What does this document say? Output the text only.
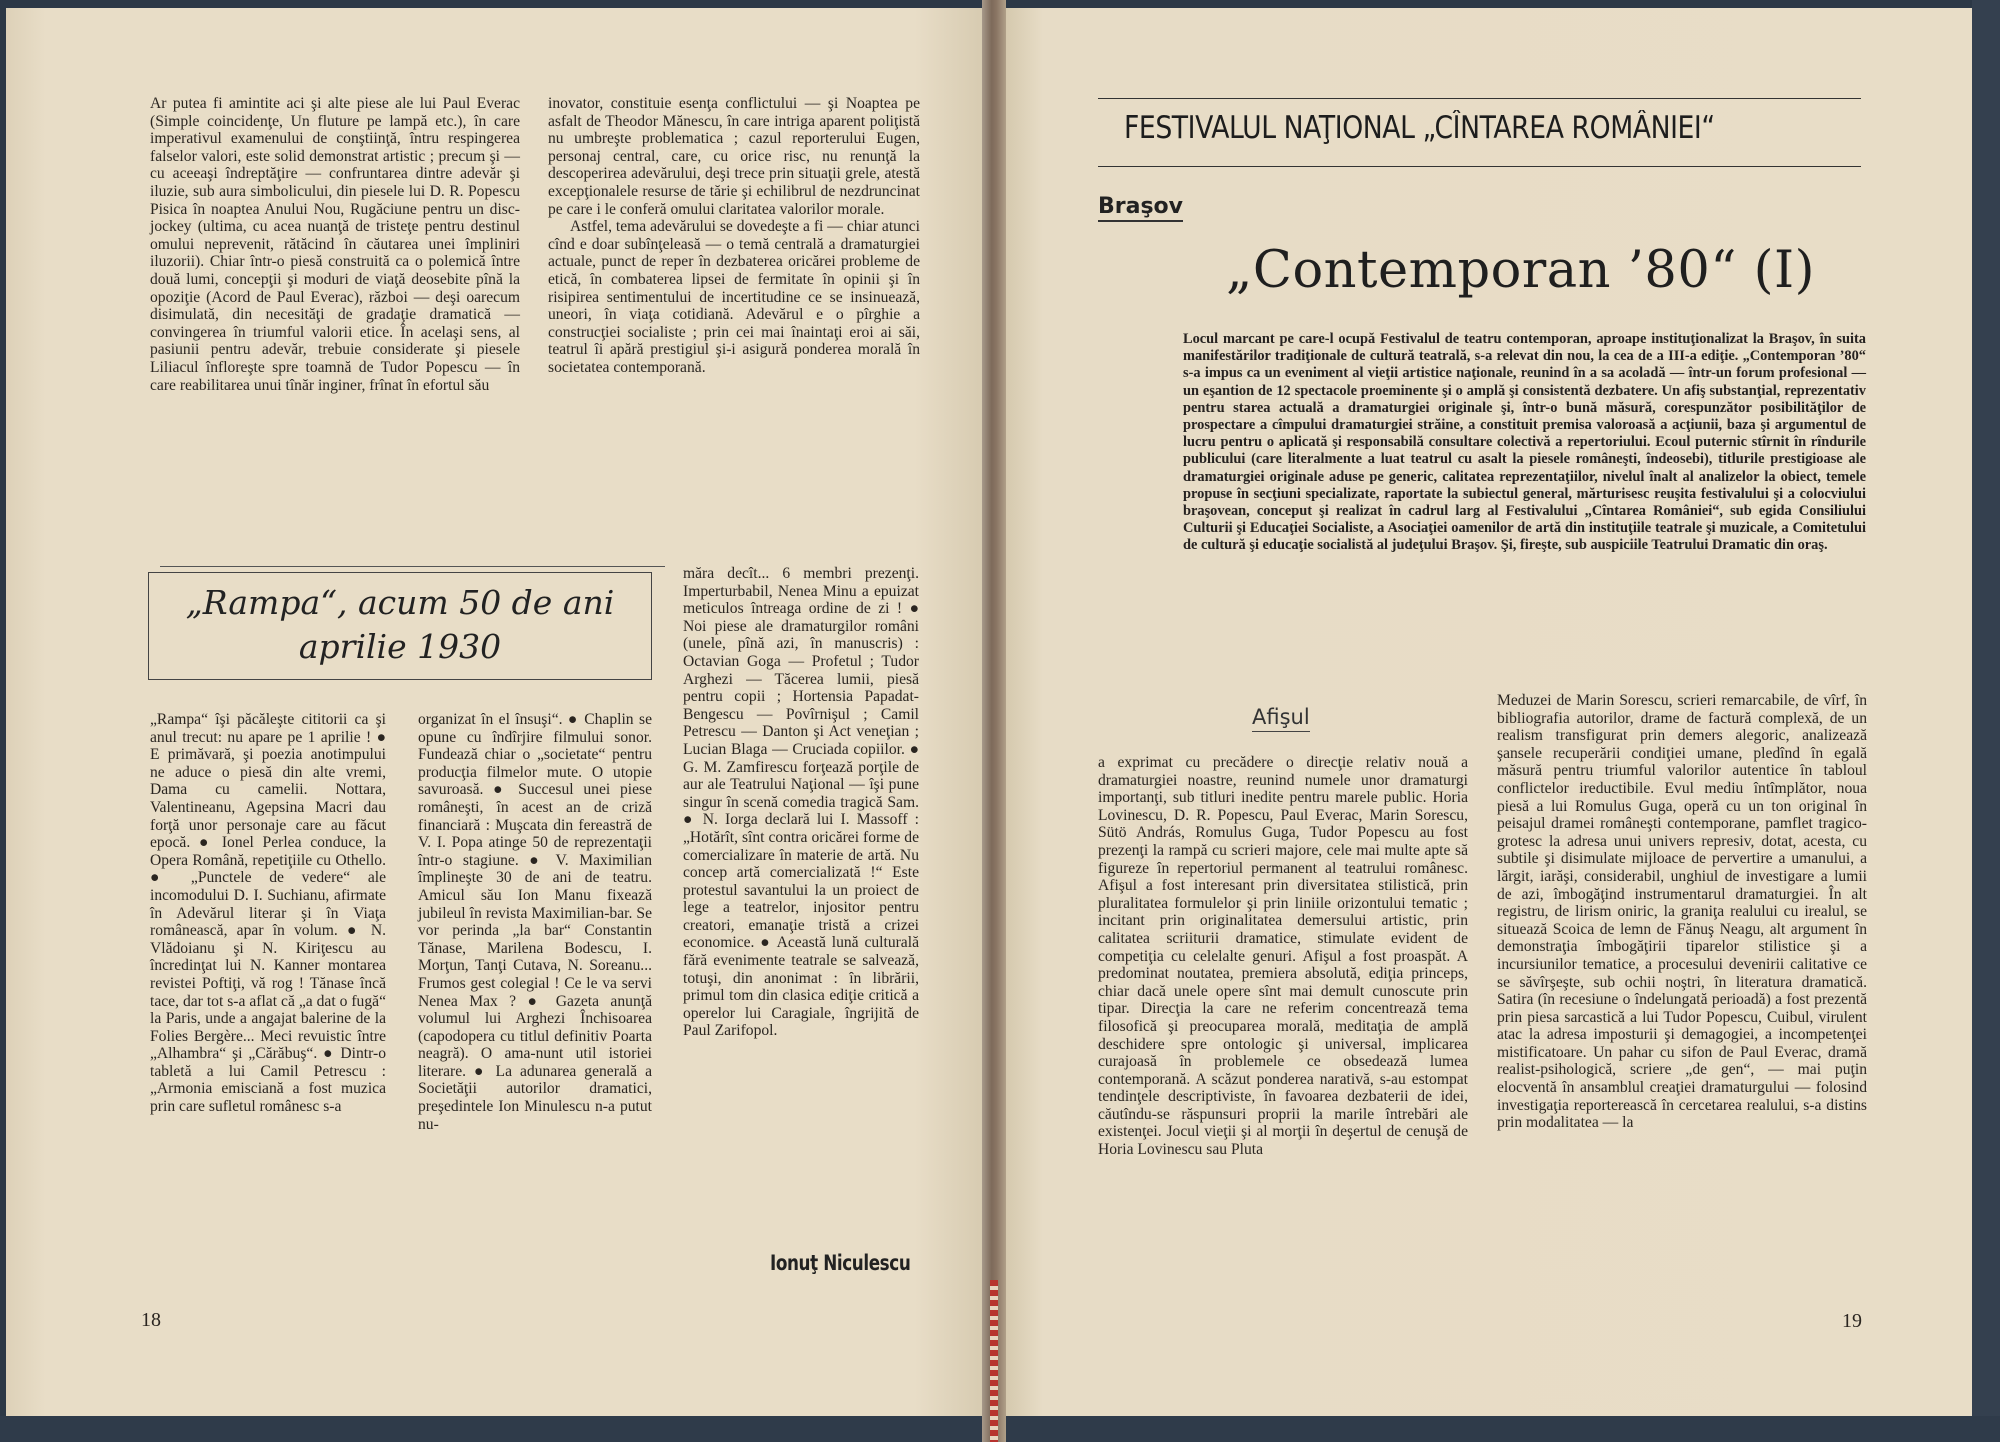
Ar putea fi amintite aci şi alte piese ale lui Paul Everac (Simple coincidenţe, Un fluture pe lampă etc.), în care imperativul examenului de conştiinţă, întru respingerea falselor valori, este solid demonstrat artistic ; precum şi — cu aceeaşi îndreptăţire — confruntarea dintre adevăr şi iluzie, sub aura simbolicului, din piesele lui D. R. Popescu Pisica în noaptea Anului Nou, Rugăciune pentru un disc-jockey (ultima, cu acea nuanţă de tristeţe pentru destinul omului neprevenit, rătăcind în căutarea unei împliniri iluzorii). Chiar într-o piesă construită ca o polemică între două lumi, concepţii şi moduri de viaţă deosebite pînă la opoziţie (Acord de Paul Everac), război — deşi oarecum disimulată, din necesităţi de gradaţie dramatică — convingerea în triumful valorii etice. În acelaşi sens, al pasiunii pentru adevăr, trebuie considerate şi piesele Liliacul înfloreşte spre toamnă de Tudor Popescu — în care reabilitarea unui tînăr inginer, frînat în efortul său

inovator, constituie esenţa conflictului — şi Noaptea pe asfalt de Theodor Mănescu, în care intriga aparent poliţistă nu umbreşte problematica ; cazul reporterului Eugen, personaj central, care, cu orice risc, nu renunţă la descoperirea adevărului, deşi trece prin situaţii grele, atestă excepţionalele resurse de tărie şi echilibrul de nezdruncinat pe care i le conferă omului claritatea valorilor morale.

Astfel, tema adevărului se dovedeşte a fi — chiar atunci cînd e doar subînţeleasă — o temă centrală a dramaturgiei actuale, punct de reper în dezbaterea oricărei probleme de etică, în combaterea lipsei de fermitate în opinii şi în risipirea sentimentului de incertitudine ce se insinuează, uneori, în viaţa cotidiană. Adevărul e o pîrghie a construcţiei socialiste ; prin cei mai înaintaţi eroi ai săi, teatrul îi apără prestigiul şi-i asigură ponderea morală în societatea contemporană.

„Rampa“, acum 50 de ani
aprilie 1930

„Rampa“ îşi păcăleşte cititorii ca şi anul trecut: nu apare pe 1 aprilie ! ● E primăvară, şi poezia anotimpului ne aduce o piesă din alte vremi, Dama cu camelii. Nottara, Valentineanu, Agepsina Macri dau forţă unor personaje care au făcut epocă. ● Ionel Perlea conduce, la Opera Română, repetiţiile cu Othello. ● „Punctele de vedere“ ale incomodului D. I. Suchianu, afirmate în Adevărul literar şi în Viaţa românească, apar în volum. ● N. Vlădoianu şi N. Kiriţescu au încredinţat lui N. Kanner montarea revistei Poftiţi, vă rog ! Tănase încă tace, dar tot s-a aflat că „a dat o fugă“ la Paris, unde a angajat balerine de la Folies Bergère... Meci revuistic între „Alhambra“ şi „Cărăbuş“. ● Dintr-o tabletă a lui Camil Petrescu : „Armonia emisciană a fost muzica prin care sufletul românesc s-a

organizat în el însuşi“. ● Chaplin se opune cu îndîrjire filmului sonor. Fundează chiar o „societate“ pentru producţia filmelor mute. O utopie savuroasă. ● Succesul unei piese româneşti, în acest an de criză financiară : Muşcata din fereastră de V. I. Popa atinge 50 de reprezentaţii într-o stagiune. ● V. Maximilian împlineşte 30 de ani de teatru. Amicul său Ion Manu fixează jubileul în revista Maximilian-bar. Se vor perinda „la bar“ Constantin Tănase, Marilena Bodescu, I. Morţun, Tanţi Cutava, N. Soreanu... Frumos gest colegial ! Ce le va servi Nenea Max ? ● Gazeta anunţă volumul lui Arghezi Închisoarea (capodopera cu titlul definitiv Poarta neagră). O ama-nunt util istoriei literare. ● La adunarea generală a Societăţii autorilor dramatici, preşedintele Ion Minulescu n-a putut nu-

măra decît... 6 membri prezenţi. Imperturbabil, Nenea Minu a epuizat meticulos întreaga ordine de zi ! ● Noi piese ale dramaturgilor români (unele, pînă azi, în manuscris) : Octavian Goga — Profetul ; Tudor Arghezi — Tăcerea lumii, piesă pentru copii ; Hortensia Papadat-Bengescu — Povîrnişul ; Camil Petrescu — Danton şi Act veneţian ; Lucian Blaga — Cruciada copiilor. ● G. M. Zamfirescu forţează porţile de aur ale Teatrului Naţional — îşi pune singur în scenă comedia tragică Sam. ● N. Iorga declară lui I. Massoff : „Hotărît, sînt contra oricărei forme de comercializare în materie de artă. Nu concep artă comercializată !“ Este protestul savantului la un proiect de lege a teatrelor, injositor pentru creatori, emanaţie tristă a crizei economice. ● Această lună culturală fără evenimente teatrale se salvează, totuşi, din anonimat : în librării, primul tom din clasica ediţie critică a operelor lui Caragiale, îngrijită de Paul Zarifopol.

Ionuţ Niculescu
18
FESTIVALUL NAŢIONAL „CÎNTAREA ROMÂNIEI“
Braşov
„Contemporan ’80“ (I)

Locul marcant pe care-l ocupă Festivalul de teatru contemporan, aproape instituţionalizat la Braşov, în suita manifestărilor tradiţionale de cultură teatrală, s-a relevat din nou, la cea de a III-a ediţie. „Contemporan ’80“ s-a impus ca un eveniment al vieţii artistice naţionale, reunind în a sa acoladă — într-un forum profesional — un eşantion de 12 spectacole proeminente şi o amplă şi consistentă dezbatere. Un afiş substanţial, reprezentativ pentru starea actuală a dramaturgiei originale şi, într-o bună măsură, corespunzător posibilităţilor de prospectare a cîmpului dramaturgiei străine, a constituit premisa valoroasă a acţiunii, baza şi argumentul de lucru pentru o aplicată şi responsabilă consultare colectivă a repertoriului. Ecoul puternic stîrnit în rîndurile publicului (care literalmente a luat teatrul cu asalt la piesele româneşti, îndeosebi), titlurile prestigioase ale dramaturgiei originale aduse pe generic, calitatea reprezentaţiilor, nivelul înalt al analizelor la obiect, temele propuse în secţiuni specializate, raportate la subiectul general, mărturisesc reuşita festivalului şi a colocviului braşovean, conceput şi realizat în cadrul larg al Festivalului „Cîntarea României“, sub egida Consiliului Culturii şi Educaţiei Socialiste, a Asociaţiei oamenilor de artă din instituţiile teatrale şi muzicale, a Comitetului de cultură şi educaţie socialistă al judeţului Braşov. Şi, fireşte, sub auspiciile Teatrului Dramatic din oraş.

Afişul

a exprimat cu precădere o direcţie relativ nouă a dramaturgiei noastre, reunind numele unor dramaturgi importanţi, sub titluri inedite pentru marele public. Horia Lovinescu, D. R. Popescu, Paul Everac, Marin Sorescu, Sütö András, Romulus Guga, Tudor Popescu au fost prezenţi la rampă cu scrieri majore, cele mai multe apte să figureze în repertoriul permanent al teatrului românesc. Afişul a fost interesant prin diversitatea stilistică, prin pluralitatea formulelor şi prin liniile orizontului tematic ; incitant prin originalitatea demersului artistic, prin calitatea scriiturii dramatice, stimulate evident de competiţia cu celelalte genuri. Afişul a fost proaspăt. A predominat noutatea, premiera absolută, ediţia princeps, chiar dacă unele opere sînt mai demult cunoscute prin tipar. Direcţia la care ne referim concentrează tema filosofică şi preocuparea morală, meditaţia de amplă deschidere spre ontologic şi universal, implicarea curajoasă în problemele ce obsedează lumea contemporană. A scăzut ponderea narativă, s-au estompat tendinţele descriptiviste, în favoarea dezbaterii de idei, căutîndu-se răspunsuri proprii la marile întrebări ale existenţei. Jocul vieţii şi al morţii în deşertul de cenuşă de Horia Lovinescu sau Pluta

Meduzei de Marin Sorescu, scrieri remarcabile, de vîrf, în bibliografia autorilor, drame de factură complexă, de un realism transfigurat prin demers alegoric, analizează şansele recuperării condiţiei umane, pledînd în egală măsură pentru triumful valorilor autentice în tabloul conflictelor ireductibile. Evul mediu întîmplător, noua piesă a lui Romulus Guga, operă cu un ton original în peisajul dramei româneşti contemporane, pamflet tragico-grotesc la adresa unui univers represiv, dotat, acesta, cu subtile şi disimulate mijloace de pervertire a umanului, a lărgit, iarăşi, considerabil, unghiul de investigare a lumii de azi, îmbogăţind instrumentarul dramaturgiei. În alt registru, de lirism oniric, la graniţa realului cu irealul, se situează Scoica de lemn de Fănuş Neagu, alt argument în demonstraţia îmbogăţirii tiparelor stilistice şi a incursiunilor tematice, a procesului devenirii calitative ce se săvîrşeşte, sub ochii noştri, în literatura dramatică. Satira (în recesiune o îndelungată perioadă) a fost prezentă prin piesa sarcastică a lui Tudor Popescu, Cuibul, virulent atac la adresa imposturii şi demagogiei, a incompetenţei mistificatoare. Un pahar cu sifon de Paul Everac, dramă realist-psihologică, scriere „de gen“, — mai puţin elocventă în ansamblul creaţiei dramaturgului — folosind investigaţia reporterească în cercetarea realului, s-a distins prin modalitatea — la

19
